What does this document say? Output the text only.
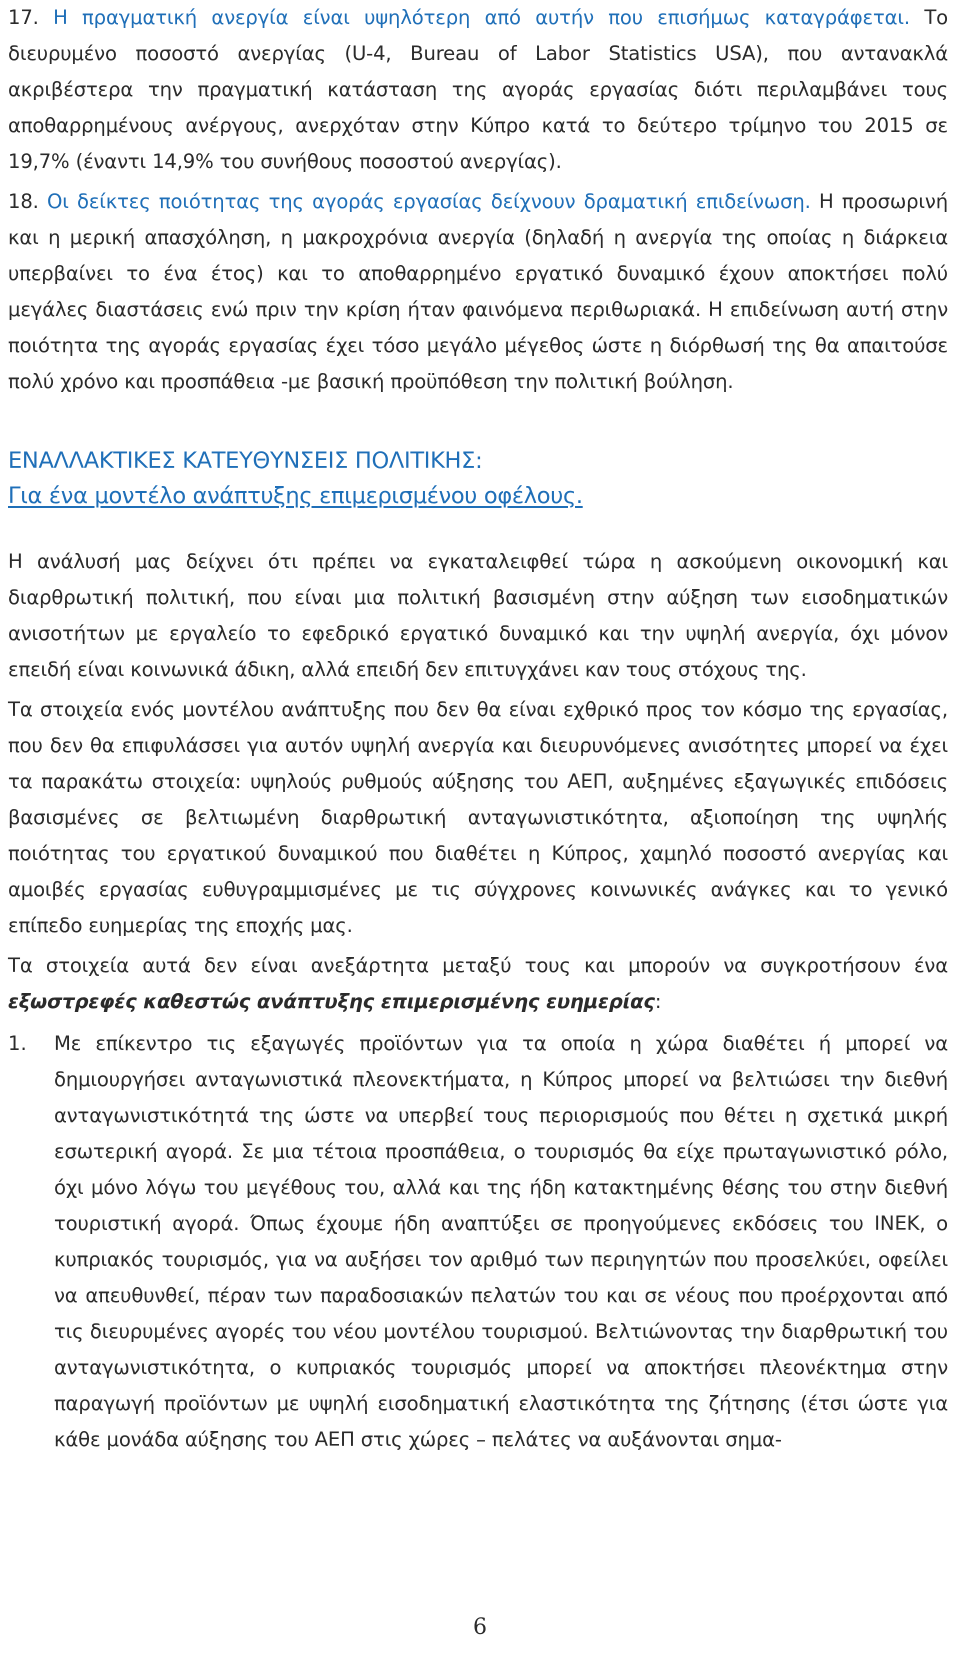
17. Η πραγματική ανεργία είναι υψηλότερη από αυτήν που επισήμως καταγράφεται. Το διευρυμένο ποσοστό ανεργίας (U-4, Bureau of Labor Statistics USA), που αντανακλά ακριβέστερα την πραγματική κατάσταση της αγοράς εργασίας διότι περιλαμβάνει τους αποθαρρημένους ανέργους, ανερχόταν στην Κύπρο κατά το δεύτερο τρίμηνο του 2015 σε 19,7% (έναντι 14,9% του συνήθους ποσοστού ανεργίας).

18. Οι δείκτες ποιότητας της αγοράς εργασίας δείχνουν δραματική επιδείνωση. Η προσωρινή και η μερική απασχόληση, η μακροχρόνια ανεργία (δηλαδή η ανεργία της οποίας η διάρκεια υπερβαίνει το ένα έτος) και το αποθαρρημένο εργατικό δυναμικό έχουν αποκτήσει πολύ μεγάλες διαστάσεις ενώ πριν την κρίση ήταν φαινόμενα περιθωριακά. Η επιδείνωση αυτή στην ποιότητα της αγοράς εργασίας έχει τόσο μεγάλο μέγεθος ώστε η διόρθωσή της θα απαιτούσε πολύ χρόνο και προσπάθεια -με βασική προϋπόθεση την πολιτική βούληση.

ΕΝΑΛΛΑΚΤΙΚΕΣ ΚΑΤΕΥΘΥΝΣΕΙΣ ΠΟΛΙΤΙΚΗΣ:
Για ένα μοντέλο ανάπτυξης επιμερισμένου οφέλους.

Η ανάλυσή μας δείχνει ότι πρέπει να εγκαταλειφθεί τώρα η ασκούμενη οικονομική και διαρθρωτική πολιτική, που είναι μια πολιτική βασισμένη στην αύξηση των εισοδηματικών ανισοτήτων με εργαλείο το εφεδρικό εργατικό δυναμικό και την υψηλή ανεργία, όχι μόνον επειδή είναι κοινωνικά άδικη, αλλά επειδή δεν επιτυγχάνει καν τους στόχους της.

Τα στοιχεία ενός μοντέλου ανάπτυξης που δεν θα είναι εχθρικό προς τον κόσμο της εργασίας, που δεν θα επιφυλάσσει για αυτόν υψηλή ανεργία και διευρυνόμενες ανισότητες μπορεί να έχει τα παρακάτω στοιχεία: υψηλούς ρυθμούς αύξησης του ΑΕΠ, αυξημένες εξαγωγικές επιδόσεις βασισμένες σε βελτιωμένη διαρθρωτική ανταγωνιστικότητα, αξιοποίηση της υψηλής ποιότητας του εργατικού δυναμικού που διαθέτει η Κύπρος, χαμηλό ποσοστό ανεργίας και αμοιβές εργασίας ευθυγραμμισμένες με τις σύγχρονες κοινωνικές ανάγκες και το γενικό επίπεδο ευημερίας της εποχής μας.

Τα στοιχεία αυτά δεν είναι ανεξάρτητα μεταξύ τους και μπορούν να συγκροτήσουν ένα εξωστρεφές καθεστώς ανάπτυξης επιμερισμένης ευημερίας:

1. Με επίκεντρο τις εξαγωγές προϊόντων για τα οποία η χώρα διαθέτει ή μπορεί να δημιουργήσει ανταγωνιστικά πλεονεκτήματα, η Κύπρος μπορεί να βελτιώσει την διεθνή ανταγωνιστικότητά της ώστε να υπερβεί τους περιορισμούς που θέτει η σχετικά μικρή εσωτερική αγορά. Σε μια τέτοια προσπάθεια, ο τουρισμός θα είχε πρωταγωνιστικό ρόλο, όχι μόνο λόγω του μεγέθους του, αλλά και της ήδη κατακτημένης θέσης του στην διεθνή τουριστική αγορά. Όπως έχουμε ήδη αναπτύξει σε προηγούμενες εκδόσεις του ΙΝΕΚ, ο κυπριακός τουρισμός, για να αυξήσει τον αριθμό των περιηγητών που προσελκύει, οφείλει να απευθυνθεί, πέραν των παραδοσιακών πελατών του και σε νέους που προέρχονται από τις διευρυμένες αγορές του νέου μοντέλου τουρισμού. Βελτιώνοντας την διαρθρωτική του ανταγωνιστικότητα, ο κυπριακός τουρισμός μπορεί να αποκτήσει πλεονέκτημα στην παραγωγή προϊόντων με υψηλή εισοδηματική ελαστικότητα της ζήτησης (έτσι ώστε για κάθε μονάδα αύξησης του ΑΕΠ στις χώρες – πελάτες να αυξάνονται σημα-

6
